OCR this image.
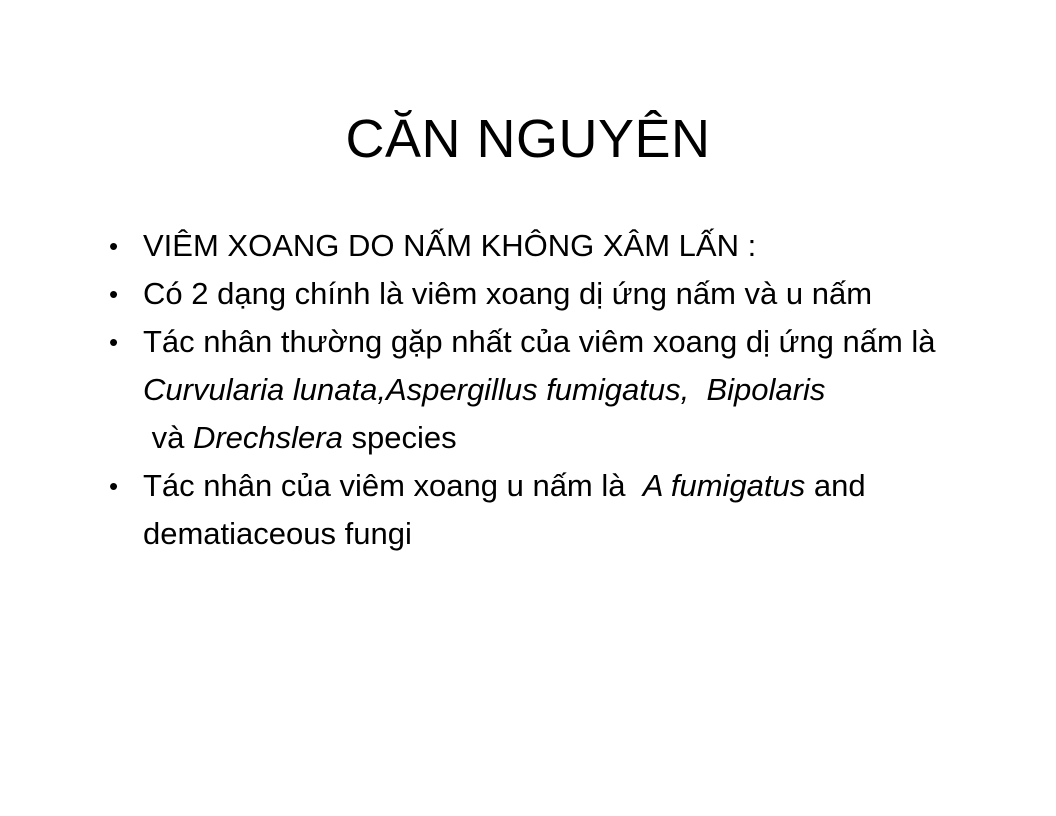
CĂN NGUYÊN
• VIÊM XOANG DO NẤM KHÔNG XÂM LẤN :
• Có 2 dạng chính là viêm xoang dị ứng nấm và u nấm
• Tác nhân thường gặp nhất của viêm xoang dị ứng nấm là Curvularia lunata,Aspergillus fumigatus, Bipolaris và Drechslera species
• Tác nhân của viêm xoang u nấm là  A fumigatus and dematiaceous fungi
